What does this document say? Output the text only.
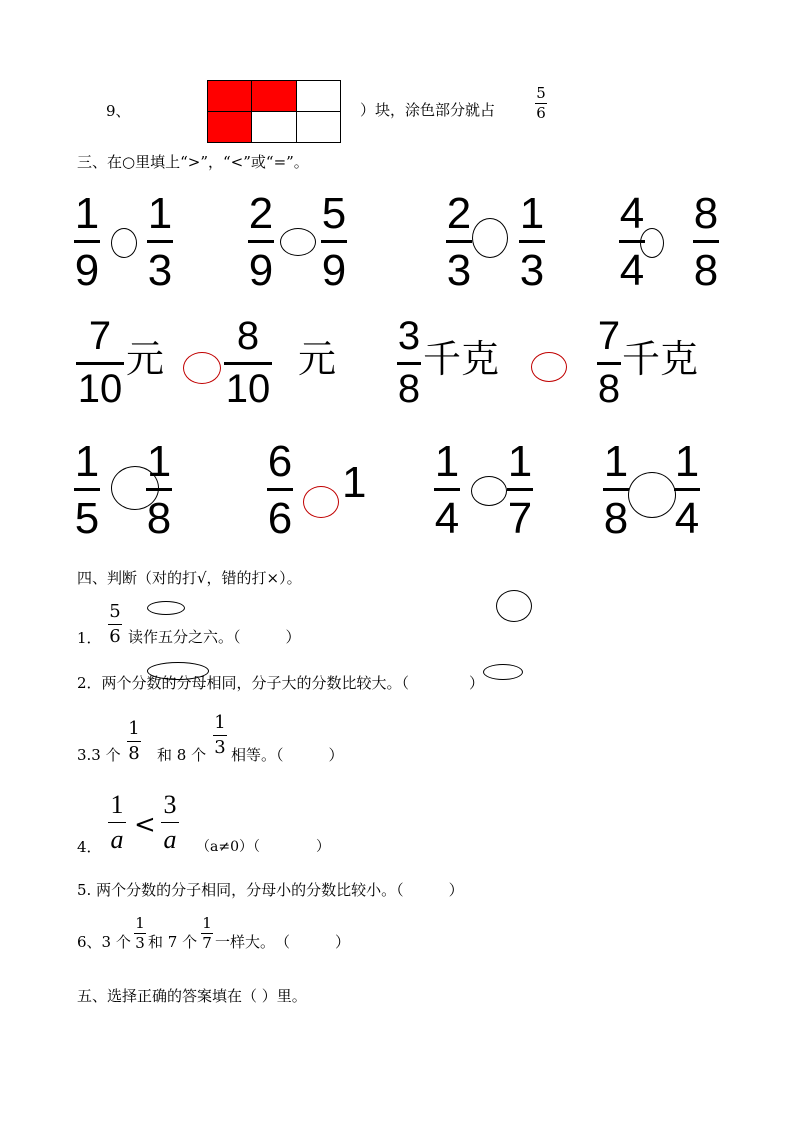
9、	）块，涂色部分就占
5
6
三、在○里填上“>”，“<”或“=”。
1
9
1
3
2
9
5
9
2
3
1
3
4
4
8
8
7
10
元
8
10
元
3
8
千克
7
8
千克
1
5
1
8
6
6
1 1
4
1
7
1
8
1
4
四、判断（对的打√，错的打×）。
1．
5
6 读作五分之六。（　　　）
2．两个分数的分母相同，分子大的分数比较大。（　　　　）
3.3 个
1
8 和 8 个
1
3 相等。（　　　）
4．
1
a <
3
a （a≠0）（　　　　）
5. 两个分数的分子相同，分母小的分数比较小。（　　　）
6、3 个
1
3 和 7 个
1
7 一样大。　（　　　）
五、选择正确的答案填在（ ）里。
